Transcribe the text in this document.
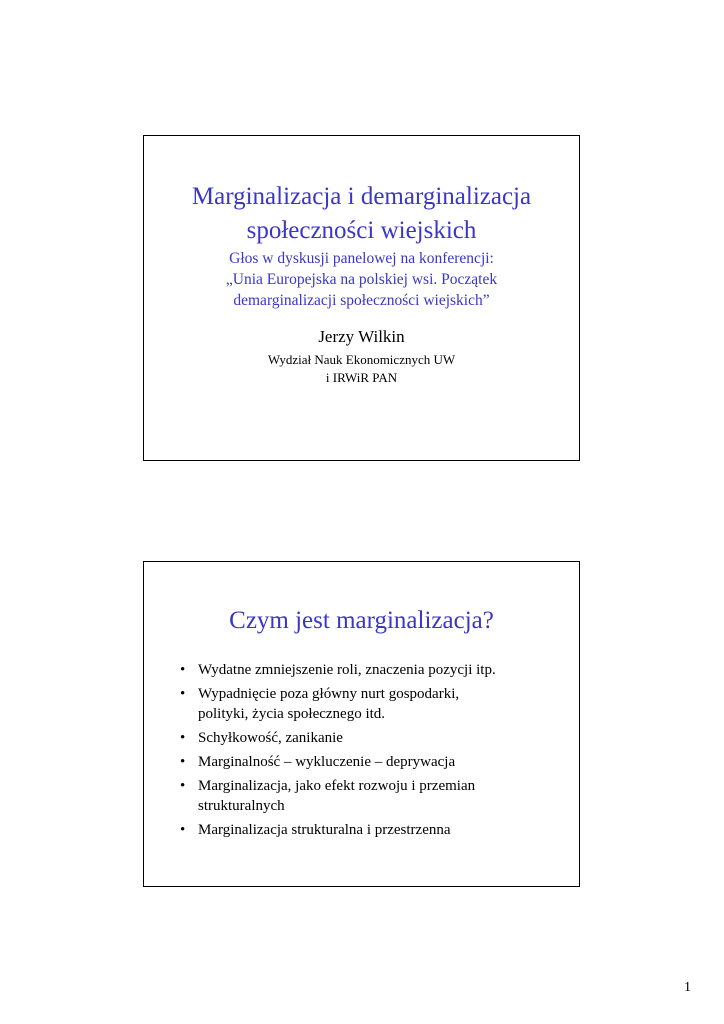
Marginalizacja i demarginalizacja
społeczności wiejskich
Głos w dyskusji panelowej na konferencji:
„Unia Europejska na polskiej wsi. Początek
demarginalizacji społeczności wiejskich”
Jerzy Wilkin
Wydział Nauk Ekonomicznych UW
i IRWiR PAN
Czym jest marginalizacja?
• Wydatne zmniejszenie roli, znaczenia pozycji itp.
• Wypadnięcie poza główny nurt gospodarki,
polityki, życia społecznego itd.
• Schyłkowość, zanikanie
• Marginalność – wykluczenie – deprywacja
• Marginalizacja, jako efekt rozwoju i przemian
strukturalnych
• Marginalizacja strukturalna i przestrzenna
1
